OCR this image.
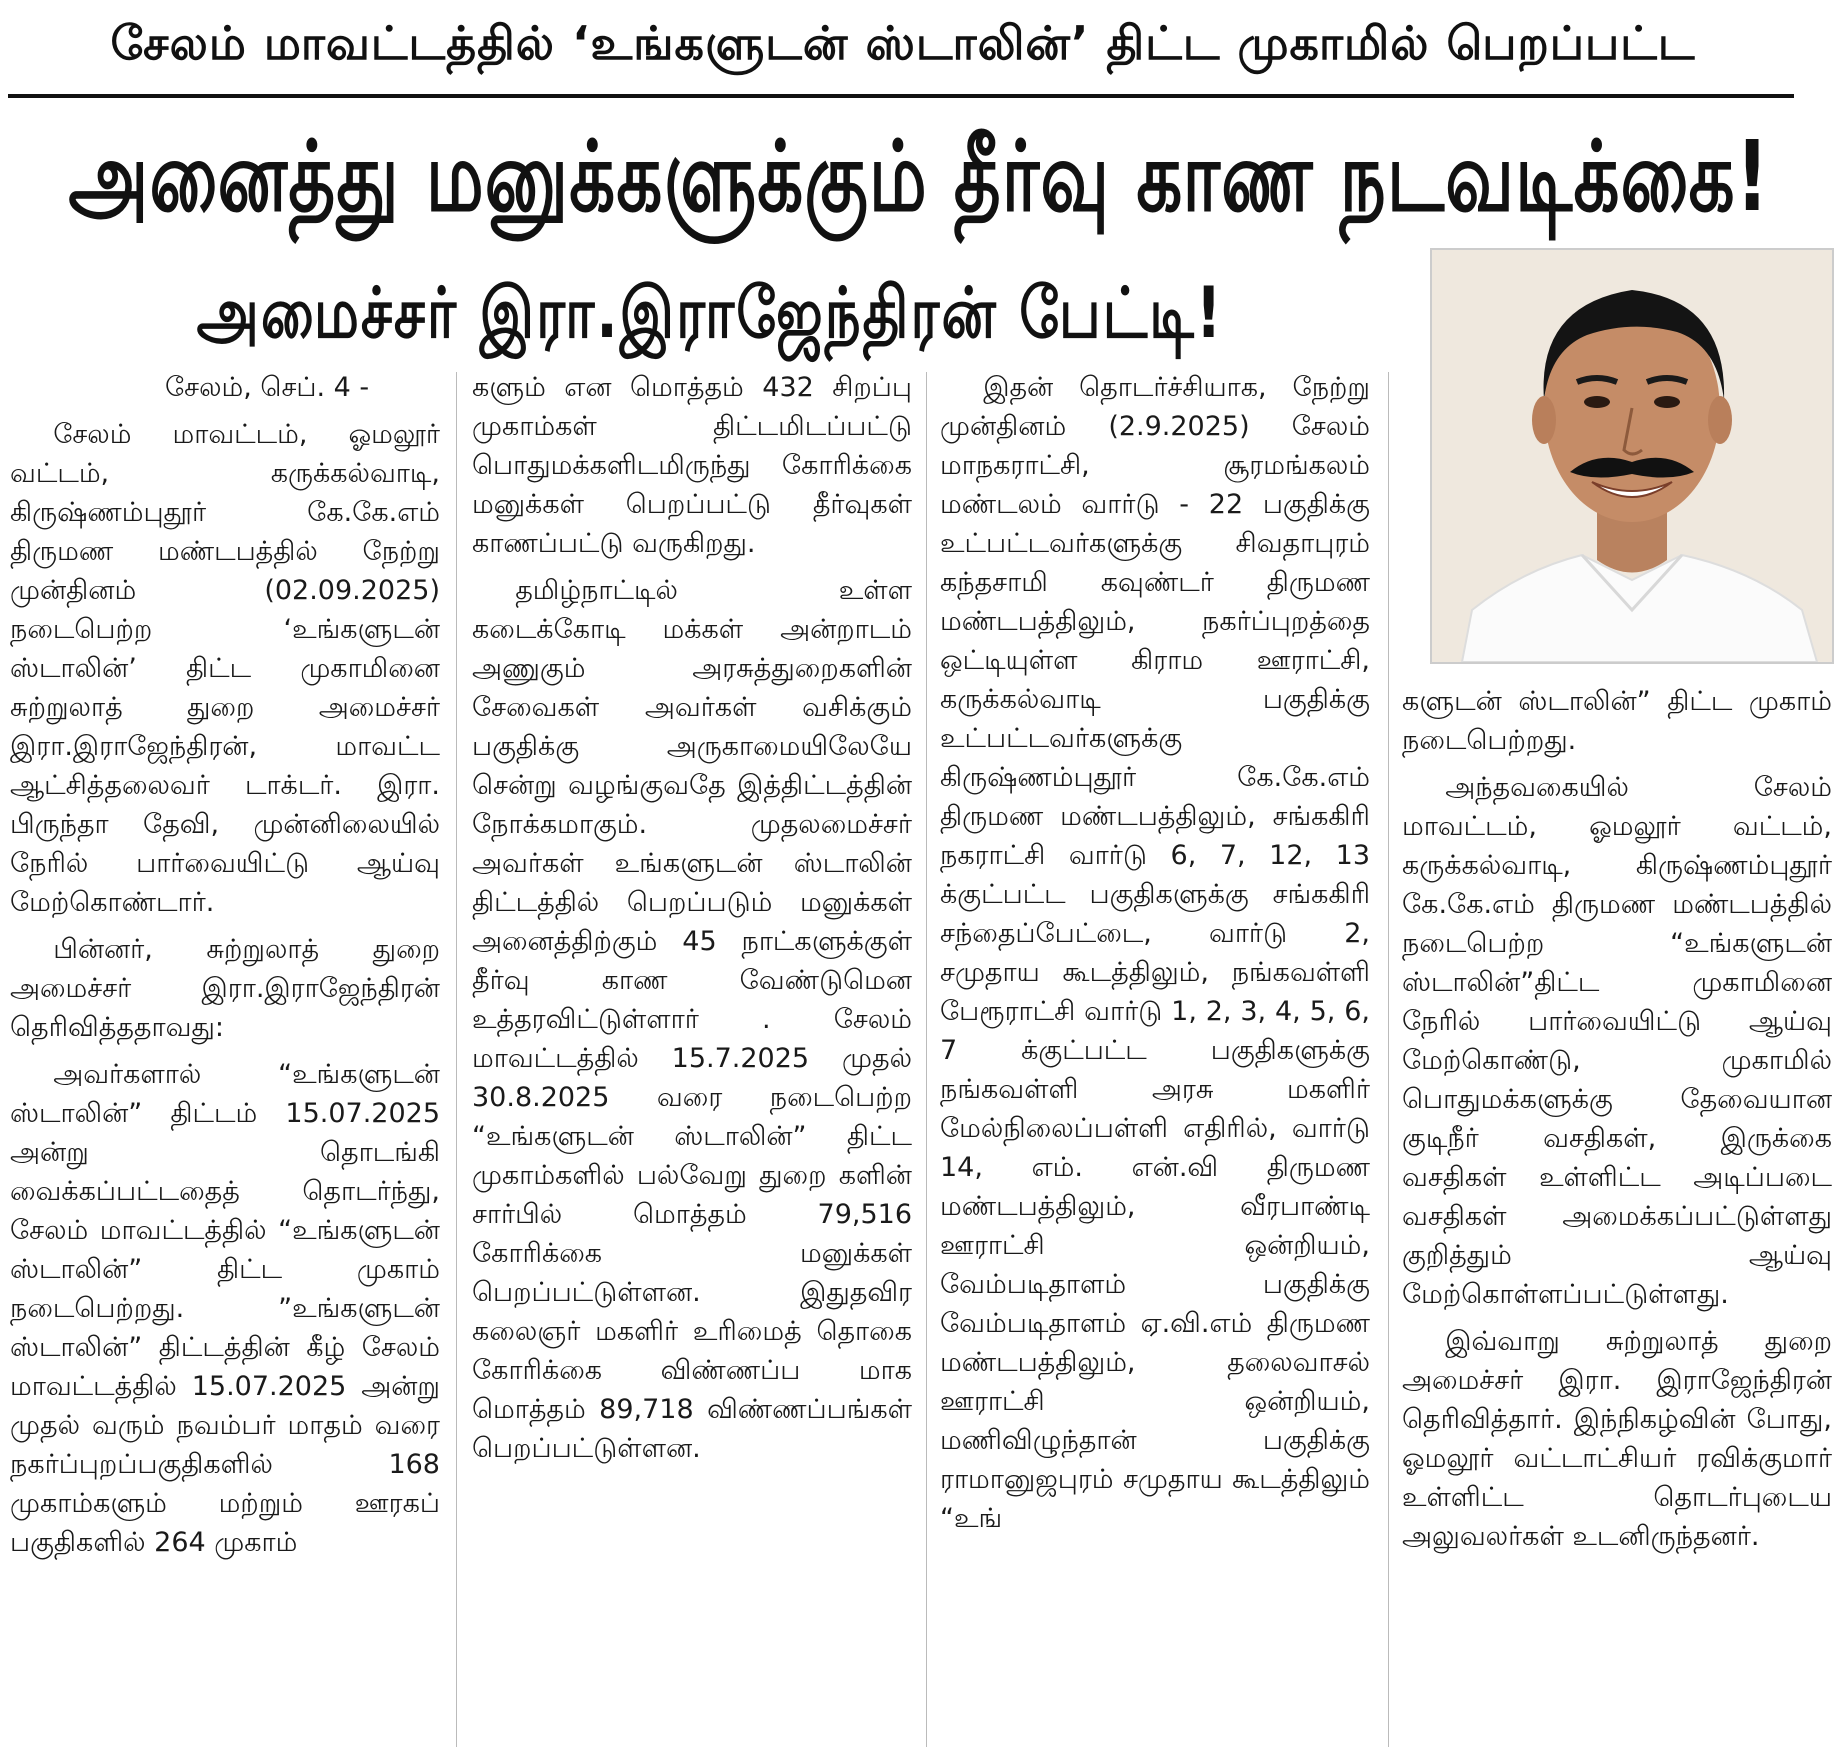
சேலம் மாவட்டத்தில் ‘உங்களுடன் ஸ்டாலின்’ திட்ட முகாமில் பெறப்பட்ட
அனைத்து மனுக்களுக்கும் தீர்வு காண நடவடிக்கை!
அமைச்சர் இரா.இராஜேந்திரன் பேட்டி!

சேலம், செப். 4 -

சேலம் மாவட்டம், ஓமலூர் வட்டம், கருக்கல்வாடி, கிருஷ்ணம்புதூர் கே.கே.எம் திருமண மண்டபத்தில் நேற்று முன்தினம் (02.09.2025) நடைபெற்ற ‘உங்களுடன் ஸ்டாலின்’ திட்ட முகாமினை சுற்றுலாத் துறை அமைச்சர் இரா.இராஜேந்திரன், மாவட்ட ஆட்சித்தலைவர் டாக்டர். இரா. பிருந்தா தேவி, முன்னிலையில் நேரில் பார்வையிட்டு ஆய்வு மேற்கொண்டார்.

பின்னர், சுற்றுலாத் துறை அமைச்சர் இரா.இராஜேந்திரன் தெரிவித்ததாவது:

அவர்களால் “உங்களுடன் ஸ்டாலின்” திட்டம் 15.07.2025 அன்று தொடங்கி வைக்கப்பட்டதைத் தொடர்ந்து, சேலம் மாவட்டத்தில் “உங்களுடன் ஸ்டாலின்” திட்ட முகாம் நடைபெற்றது. ”உங்களுடன் ஸ்டாலின்” திட்டத்தின் கீழ் சேலம் மாவட்டத்தில் 15.07.2025 அன்று முதல் வரும் நவம்பர் மாதம் வரை நகர்ப்புறப்பகுதிகளில் 168 முகாம்களும் மற்றும் ஊரகப் பகுதிகளில் 264 முகாம்

களும் என மொத்தம் 432 சிறப்பு முகாம்கள் திட்டமிடப்பட்டு பொதுமக்களிடமிருந்து கோரிக்கை மனுக்கள் பெறப்பட்டு தீர்வுகள் காணப்பட்டு வருகிறது.

தமிழ்நாட்டில் உள்ள கடைக்கோடி மக்கள் அன்றாடம் அணுகும் அரசுத்துறைகளின் சேவைகள் அவர்கள் வசிக்கும் பகுதிக்கு அருகாமையிலேயே சென்று வழங்குவதே இத்திட்டத்தின் நோக்கமாகும். முதலமைச்சர் அவர்கள் உங்களுடன் ஸ்டாலின் திட்டத்தில் பெறப்படும் மனுக்கள் அனைத்திற்கும் 45 நாட்களுக்குள் தீர்வு காண வேண்டுமென உத்தரவிட்டுள்ளார் . சேலம் மாவட்டத்தில் 15.7.2025 முதல் 30.8.2025 வரை நடைபெற்ற “உங்களுடன் ஸ்டாலின்” திட்ட முகாம்களில் பல்வேறு துறை களின் சார்பில் மொத்தம் 79,516 கோரிக்கை மனுக்கள் பெறப்பட்டுள்ளன. இதுதவிர கலைஞர் மகளிர் உரிமைத் தொகை கோரிக்கை விண்ணப்ப மாக மொத்தம் 89,718 விண்ணப்பங்கள் பெறப்பட்டுள்ளன.

இதன் தொடர்ச்சியாக, நேற்று முன்தினம் (2.9.2025) சேலம் மாநகராட்சி, சூரமங்கலம் மண்டலம் வார்டு - 22 பகுதிக்கு உட்பட்டவர்களுக்கு சிவதாபுரம் கந்தசாமி கவுண்டர் திருமண மண்டபத்திலும், நகர்ப்புறத்தை ஒட்டியுள்ள கிராம ஊராட்சி, கருக்கல்வாடி பகுதிக்கு உட்பட்டவர்களுக்கு கிருஷ்ணம்புதூர் கே.கே.எம் திருமண மண்டபத்திலும், சங்ககிரி நகராட்சி வார்டு 6, 7, 12, 13 க்குட்பட்ட பகுதிகளுக்கு சங்ககிரி சந்தைப்பேட்டை, வார்டு 2, சமுதாய கூடத்திலும், நங்கவள்ளி பேரூராட்சி வார்டு 1, 2, 3, 4, 5, 6, 7 க்குட்பட்ட பகுதிகளுக்கு நங்கவள்ளி அரசு மகளிர் மேல்நிலைப்பள்ளி எதிரில், வார்டு 14, எம். என்.வி திருமண மண்டபத்திலும், வீரபாண்டி ஊராட்சி ஒன்றியம், வேம்படிதாளம் பகுதிக்கு வேம்படிதாளம் ஏ.வி.எம் திருமண மண்டபத்திலும், தலைவாசல் ஊராட்சி ஒன்றியம், மணிவிழுந்தான் பகுதிக்கு ராமானுஜபுரம் சமுதாய கூடத்திலும் “உங்

களுடன் ஸ்டாலின்” திட்ட முகாம் நடைபெற்றது.

அந்தவகையில் சேலம் மாவட்டம், ஓமலூர் வட்டம், கருக்கல்வாடி, கிருஷ்ணம்புதூர் கே.கே.எம் திருமண மண்டபத்தில் நடைபெற்ற “உங்களுடன் ஸ்டாலின்”திட்ட முகாமினை நேரில் பார்வையிட்டு ஆய்வு மேற்கொண்டு, முகாமில் பொதுமக்களுக்கு தேவையான குடிநீர் வசதிகள், இருக்கை வசதிகள் உள்ளிட்ட அடிப்படை வசதிகள் அமைக்கப்பட்டுள்ளது குறித்தும் ஆய்வு மேற்கொள்ளப்பட்டுள்ளது.

இவ்வாறு சுற்றுலாத் துறை அமைச்சர் இரா. இராஜேந்திரன் தெரிவித்தார். இந்நிகழ்வின் போது, ஓமலூர் வட்டாட்சியர் ரவிக்குமார் உள்ளிட்ட தொடர்புடைய அலுவலர்கள் உடனிருந்தனர்.
